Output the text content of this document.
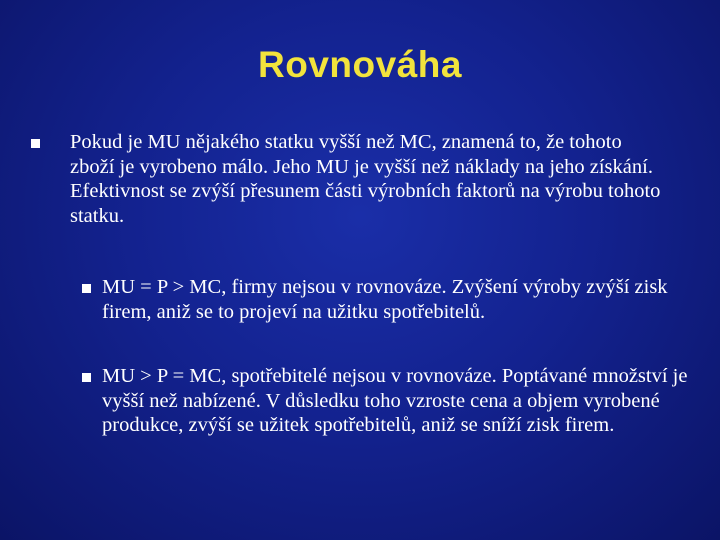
Rovnováha
Pokud je MU nějakého statku vyšší než MC, znamená to, že tohoto zboží je vyrobeno málo. Jeho MU je vyšší než náklady na jeho získání. Efektivnost se zvýší přesunem části výrobních faktorů na výrobu tohoto statku.
MU = P > MC, firmy nejsou v rovnováze. Zvýšení výroby zvýší zisk firem, aniž se to projeví na užitku spotřebitelů.
MU > P = MC, spotřebitelé nejsou v rovnováze. Poptávané množství je vyšší než nabízené. V důsledku toho vzroste cena a objem vyrobené produkce, zvýší se užitek spotřebitelů, aniž se sníží zisk firem.
